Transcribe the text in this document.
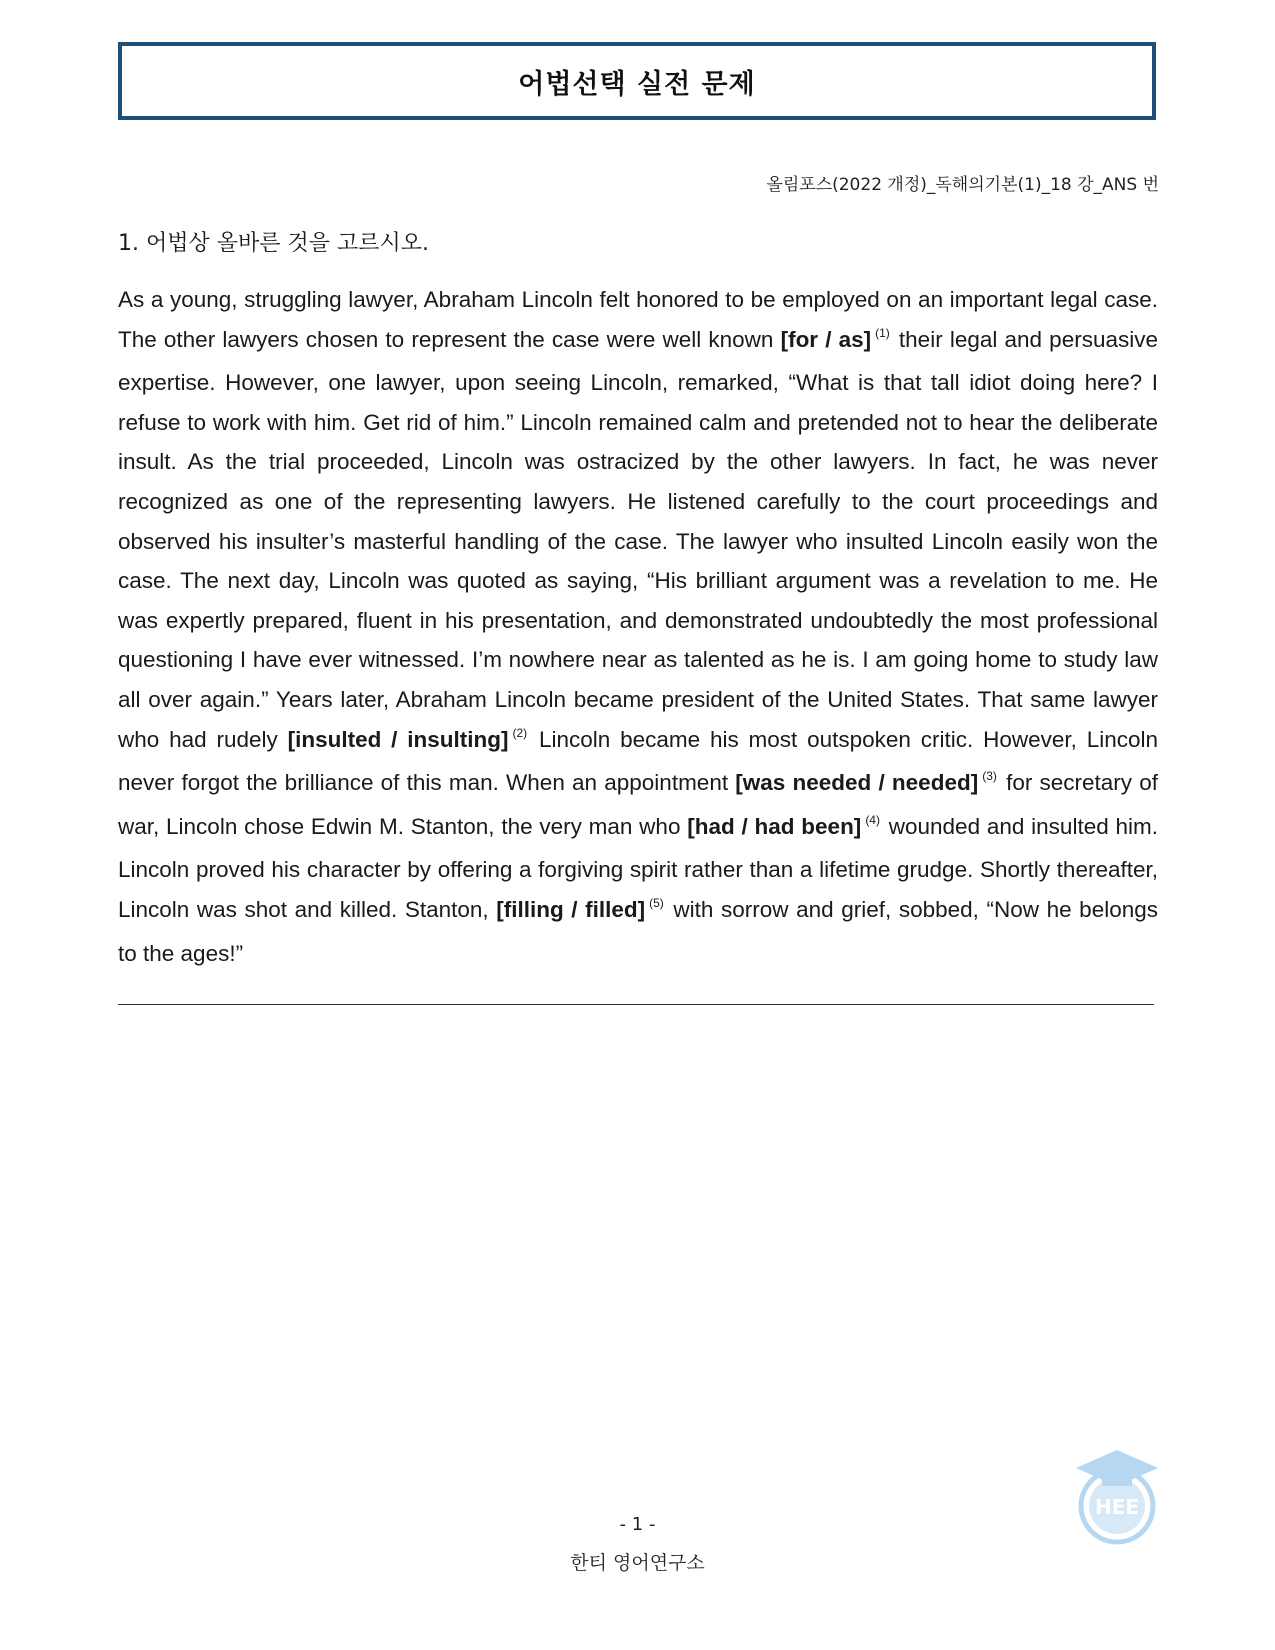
어법선택 실전 문제
올림포스(2022 개정)_독해의기본(1)_18 강_ANS 번
1. 어법상 올바른 것을 고르시오.
As a young, struggling lawyer, Abraham Lincoln felt honored to be employed on an important legal case. The other lawyers chosen to represent the case were well known [for / as] $^{(1)}$ their legal and persuasive expertise. However, one lawyer, upon seeing Lincoln, remarked, “What is that tall idiot doing here? I refuse to work with him. Get rid of him.” Lincoln remained calm and pretended not to hear the deliberate insult. As the trial proceeded, Lincoln was ostracized by the other lawyers. In fact, he was never recognized as one of the representing lawyers. He listened carefully to the court proceedings and observed his insulter’s masterful handling of the case. The lawyer who insulted Lincoln easily won the case. The next day, Lincoln was quoted as saying, “His brilliant argument was a revelation to me. He was expertly prepared, fluent in his presentation, and demonstrated undoubtedly the most professional questioning I have ever witnessed. I’m nowhere near as talented as he is. I am going home to study law all over again.” Years later, Abraham Lincoln became president of the United States. That same lawyer who had rudely [insulted / insulting] $^{(2)}$ Lincoln became his most outspoken critic. However, Lincoln never forgot the brilliance of this man. When an appointment [was needed / needed] $^{(3)}$ for secretary of war, Lincoln chose Edwin M. Stanton, the very man who [had / had been] $^{(4)}$ wounded and insulted him. Lincoln proved his character by offering a forgiving spirit rather than a lifetime grudge. Shortly thereafter, Lincoln was shot and killed. Stanton, [filling / filled] $^{(5)}$ with sorrow and grief, sobbed, “Now he belongs to the ages!”
HEE
- 1 -
한티 영어연구소
